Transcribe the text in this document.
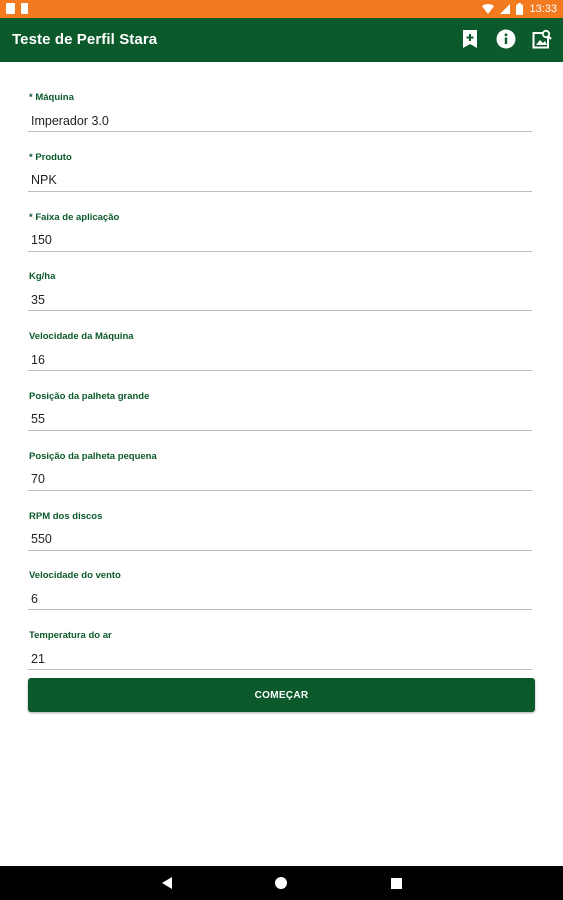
13:33
Teste de Perfil Stara
* Máquina
Imperador 3.0
* Produto
NPK
* Faixa de aplicação
150
Kg/ha
35
Velocidade da Máquina
16
Posição da palheta grande
55
Posição da palheta pequena
70
RPM dos discos
550
Velocidade do vento
6
Temperatura do ar
21
COMEÇAR
